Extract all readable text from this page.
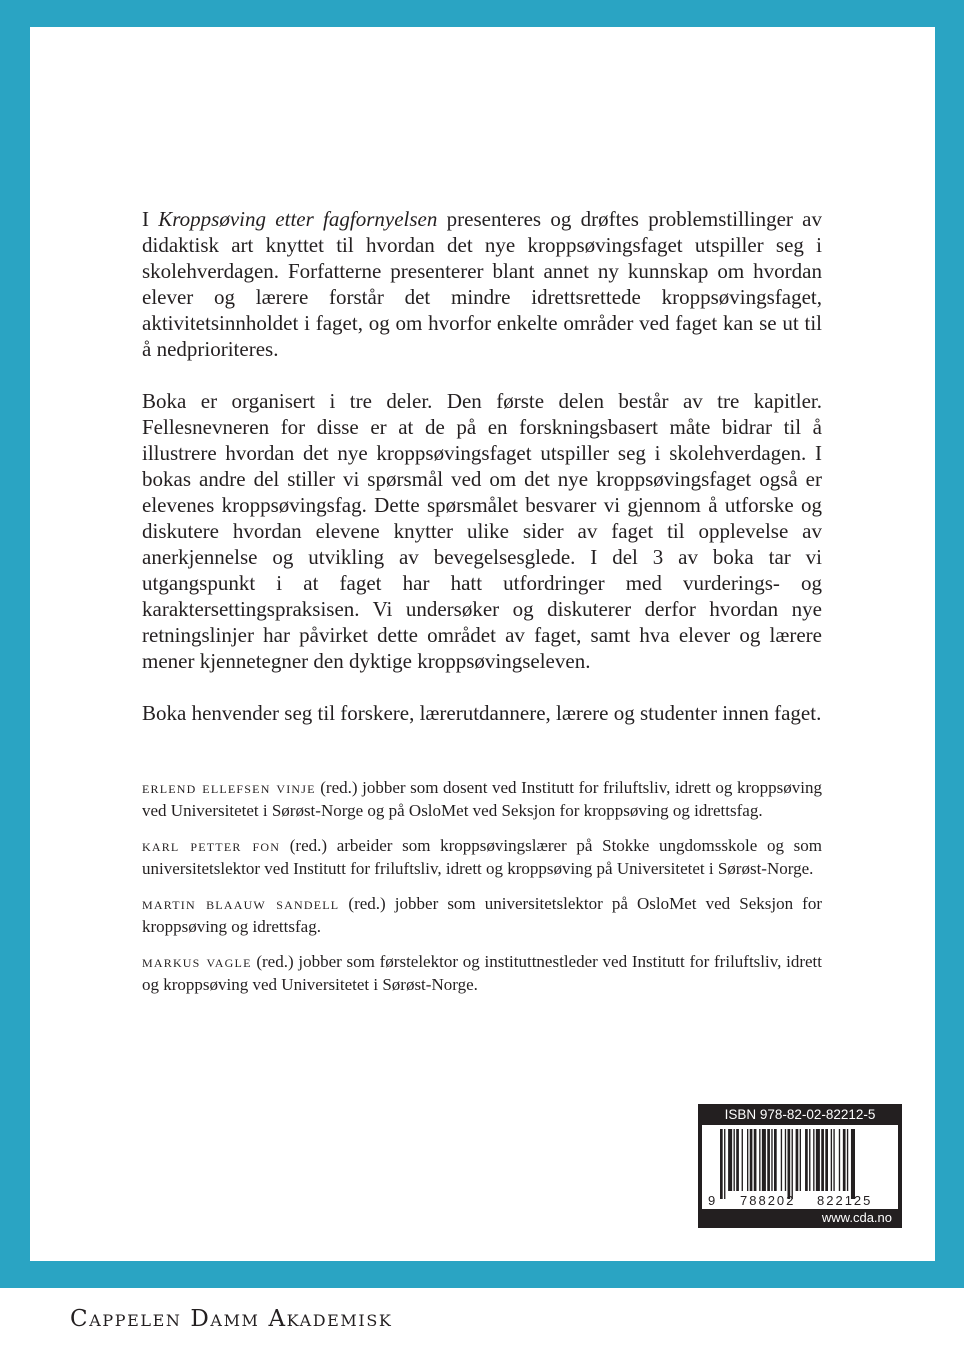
I Kroppsøving etter fagfornyelsen presenteres og drøftes problemstillinger av didaktisk art knyttet til hvordan det nye kroppsøvingsfaget utspiller seg i skolehverdagen. Forfatterne presenterer blant annet ny kunnskap om hvordan elever og lærere forstår det mindre idrettsrettede kroppsøvingsfaget, aktivitetsinnholdet i faget, og om hvorfor enkelte områder ved faget kan se ut til å nedprioriteres.

Boka er organisert i tre deler. Den første delen består av tre kapitler. Fellesnevneren for disse er at de på en forskningsbasert måte bidrar til å illustrere hvordan det nye kroppsøvingsfaget utspiller seg i skolehverdagen. I bokas andre del stiller vi spørsmål ved om det nye kroppsøvingsfaget også er elevenes kroppsøvingsfag. Dette spørsmålet besvarer vi gjennom å utforske og diskutere hvordan elevene knytter ulike sider av faget til opplevelse av anerkjennelse og utvikling av bevegelsesglede. I del 3 av boka tar vi utgangspunkt i at faget har hatt utfordringer med vurderings- og karaktersettingspraksisen. Vi undersøker og diskuterer derfor hvordan nye retningslinjer har påvirket dette området av faget, samt hva elever og lærere mener kjennetegner den dyktige kroppsøvingseleven.

Boka henvender seg til forskere, lærerutdannere, lærere og studenter innen faget.

erlend ellefsen vinje (red.) jobber som dosent ved Institutt for friluftsliv, idrett og kroppsøving ved Universitetet i Sørøst-Norge og på OsloMet ved Seksjon for kroppsøving og idrettsfag.

karl petter fon (red.) arbeider som kroppsøvingslærer på Stokke ungdomsskole og som universitetslektor ved Institutt for friluftsliv, idrett og kroppsøving på Universitetet i Sørøst-Norge.

martin blaauw sandell (red.) jobber som universitetslektor på OsloMet ved Seksjon for kroppsøving og idrettsfag.

markus vagle (red.) jobber som førstelektor og instituttnestleder ved Institutt for friluftsliv, idrett og kroppsøving ved Universitetet i Sørøst-Norge.

ISBN 978-82-02-82212-5
9 788202 822125
www.cda.no
Cappelen Damm Akademisk
